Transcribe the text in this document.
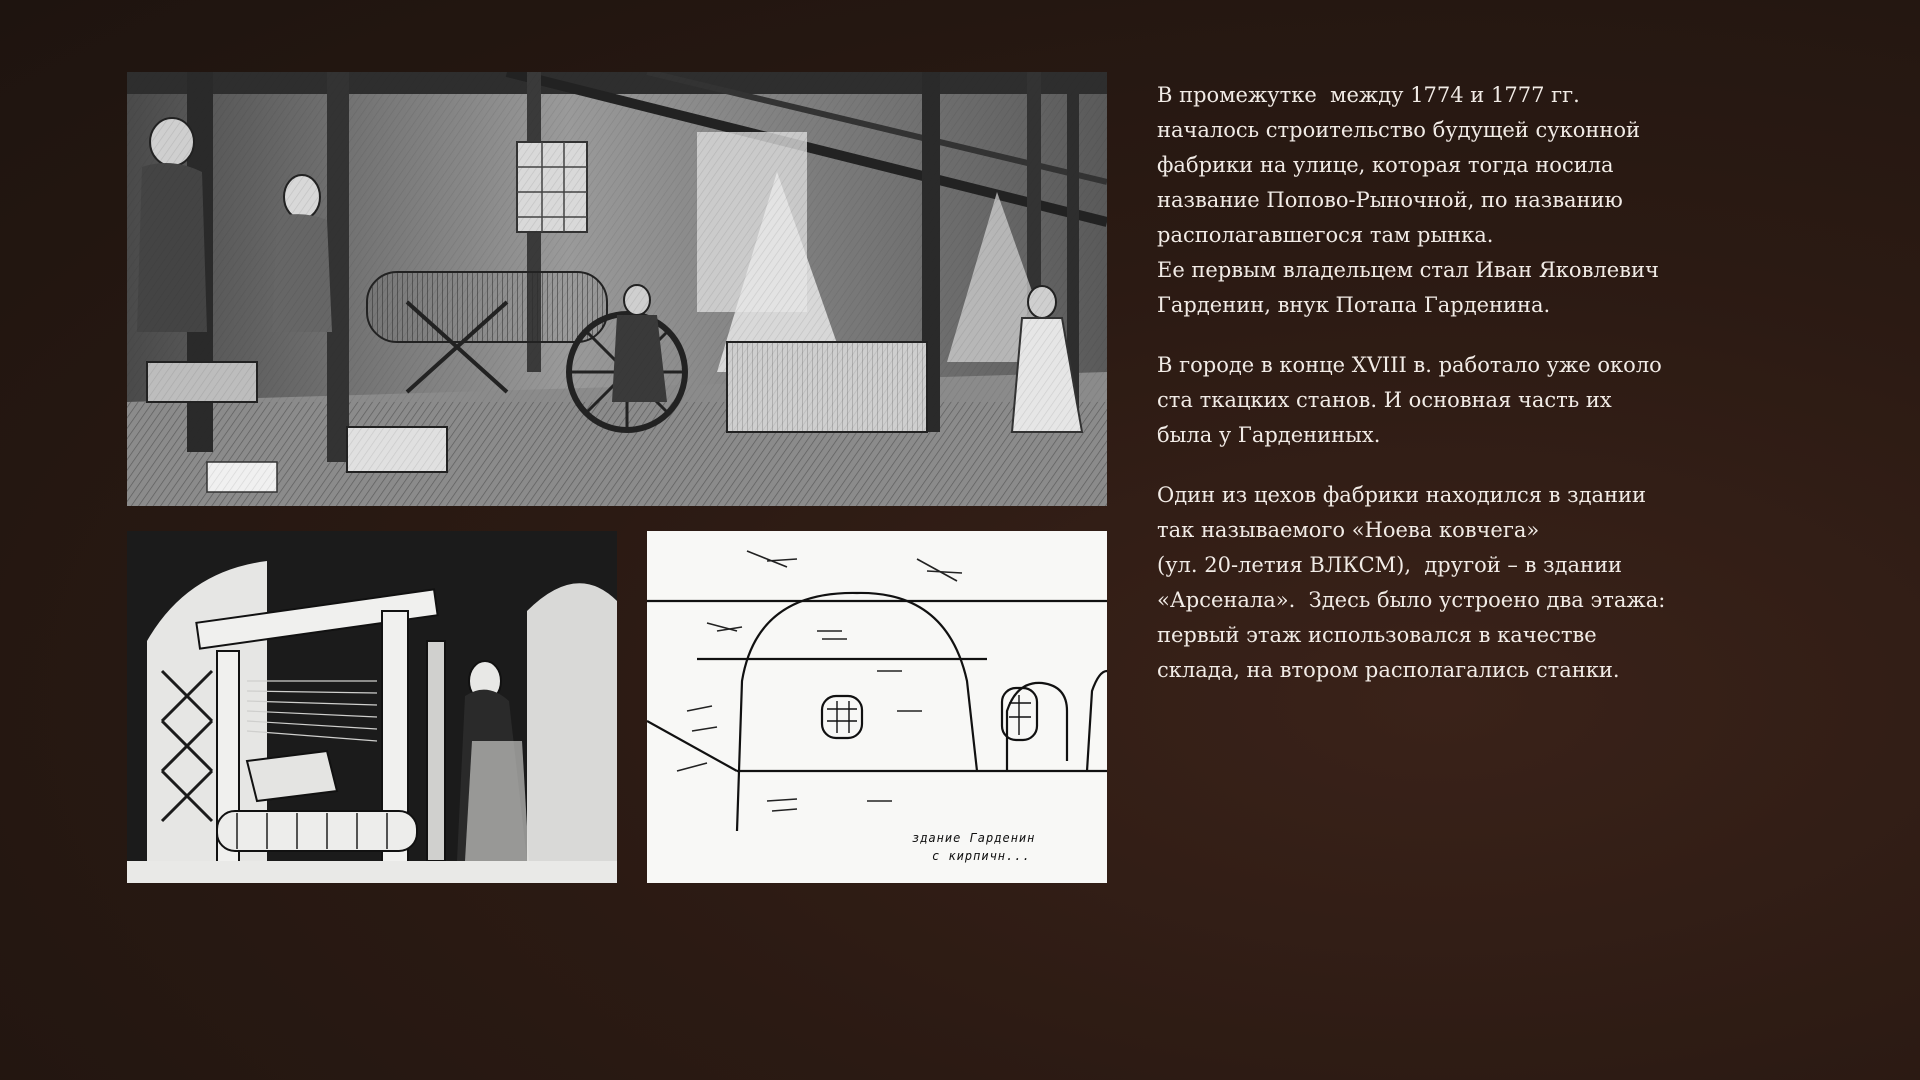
здание Гарденин
с кирпичн...

В промежутке  между 1774 и 1777 гг.
началось строительство будущей суконной
фабрики на улице, которая тогда носила
название Попово-Рыночной, по названию
располагавшегося там рынка.
Ее первым владельцем стал Иван Яковлевич
Гарденин, внук Потапа Гарденина.

В городе в конце XVIII в. работало уже около
ста ткацких станов. И основная часть их
была у Гардениных.

Один из цехов фабрики находился в здании
так называемого «Ноева ковчега»
(ул. 20-летия ВЛКСМ),  другой – в здании
«Арсенала».  Здесь было устроено два этажа:
первый этаж использовался в качестве
склада, на втором располагались станки.
